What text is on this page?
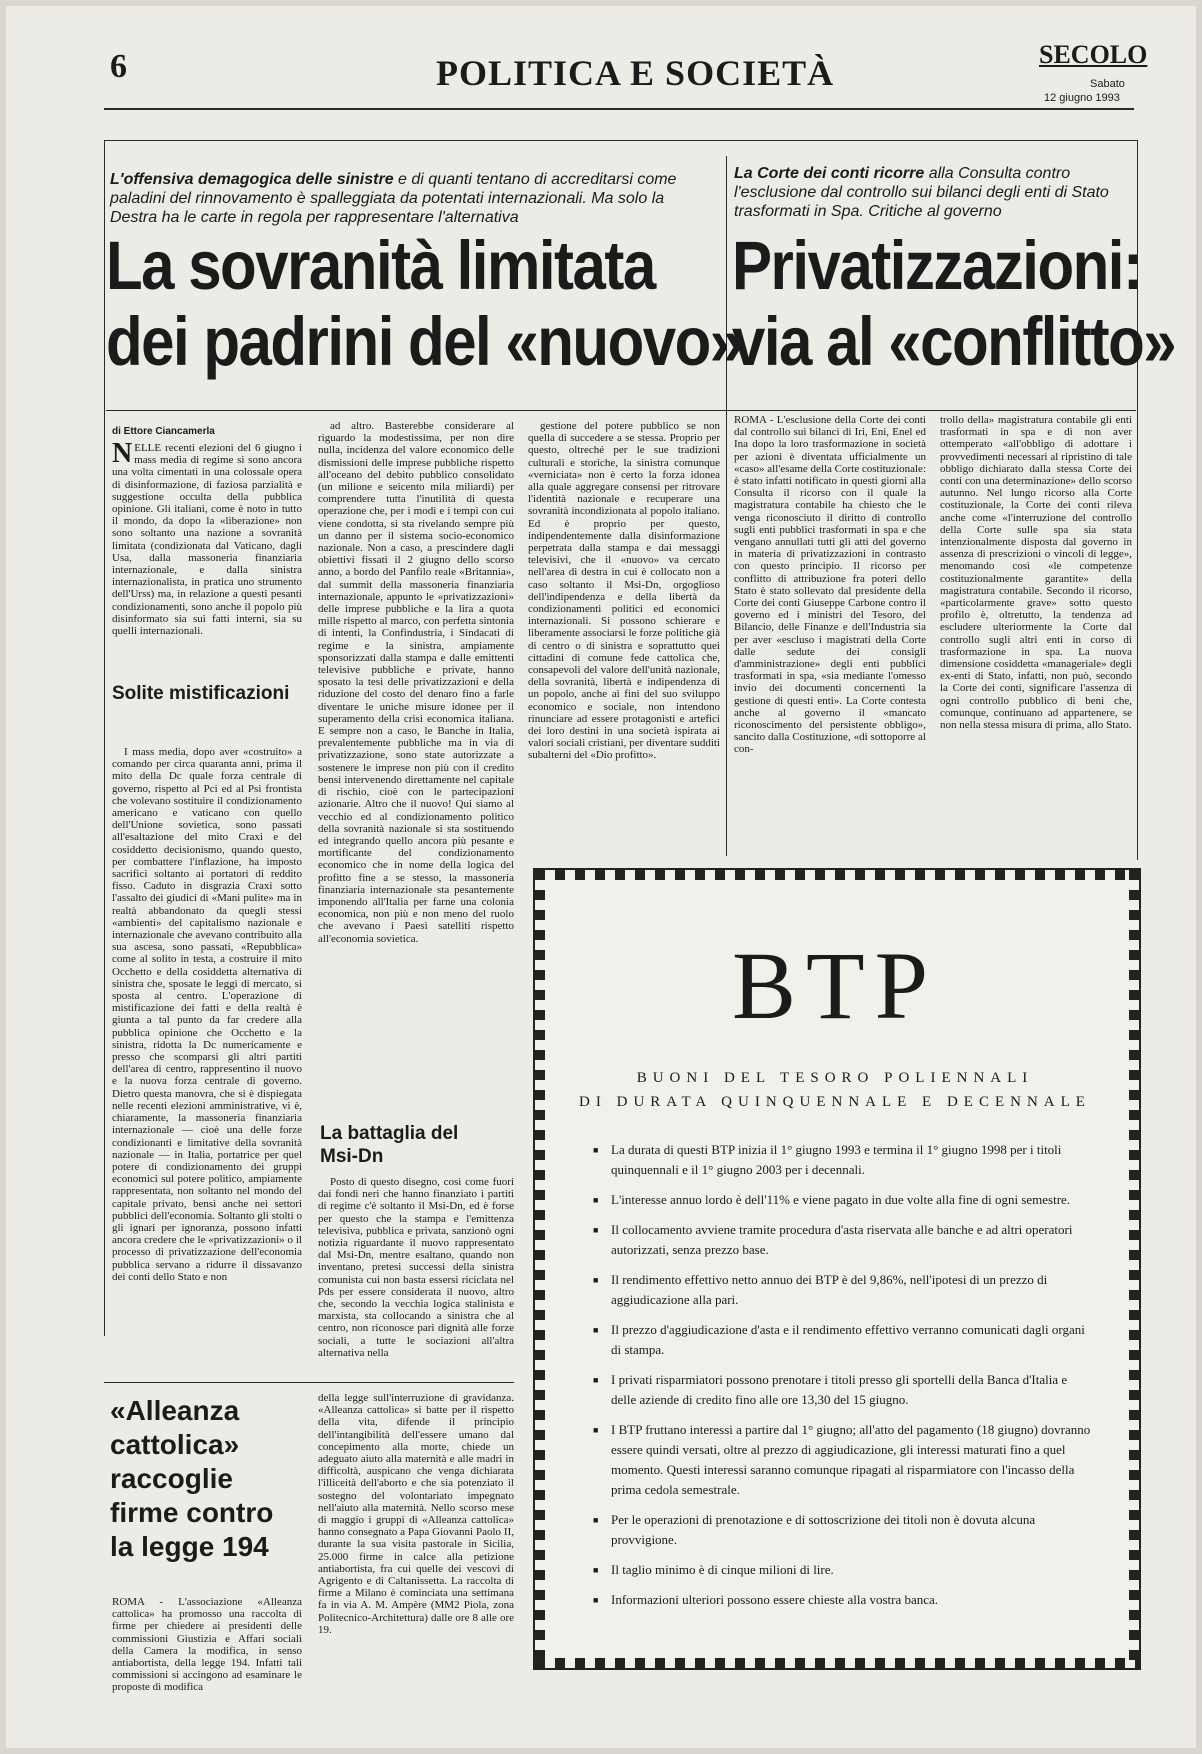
6	POLITICA E SOCIETÀ	SECOLO
Sabato
12 giugno 1993
L'offensiva demagogica delle sinistre e di quanti tentano di accreditarsi come paladini del rinnovamento è spalleggiata da potentati internazionali. Ma solo la Destra ha le carte in regola per rappresentare l'alternativa
La sovranità limitata
dei padrini del «nuovo»
La Corte dei conti ricorre alla Consulta contro l'esclusione dal controllo sui bilanci degli enti di Stato trasformati in Spa. Critiche al governo
Privatizzazioni:
via al «conflitto»
di Ettore Ciancamerla

NELLE recenti elezioni del 6 giugno i mass media di regime si sono ancora una volta cimentati in una colossale opera di disinformazione, di faziosa parzialità e suggestione occulta della pubblica opinione. Gli italiani, come è noto in tutto il mondo, da dopo la «liberazione» non sono soltanto una nazione a sovranità limitata (condizionata dal Vaticano, dagli Usa, dalla massoneria finanziaria internazionale, e dalla sinistra internazionalista, in pratica uno strumento dell'Urss) ma, in relazione a questi pesanti condizionamenti, sono anche il popolo più disinformato sia sui fatti interni, sia su quelli internazionali.

Solite mistificazioni

I mass media, dopo aver «costruito» a comando per circa quaranta anni, prima il mito della Dc quale forza centrale di governo, rispetto al Pci ed al Psi frontista che volevano sostituire il condizionamento americano e vaticano con quello dell'Unione sovietica, sono passati all'esaltazione del mito Craxi e del cosiddetto decisionismo, quando questo, per combattere l'inflazione, ha imposto sacrifici soltanto ai portatori di reddito fisso. Caduto in disgrazia Craxi sotto l'assalto dei giudici di «Mani pulite» ma in realtà abbandonato da quegli stessi «ambienti» del capitalismo nazionale e internazionale che avevano contribuito alla sua ascesa, sono passati, «Repubblica» come al solito in testa, a costruire il mito Occhetto e della cosiddetta alternativa di sinistra che, sposate le leggi di mercato, si sposta al centro. L'operazione di mistificazione dei fatti e della realtà è giunta a tal punto da far credere alla pubblica opinione che Occhetto e la sinistra, ridotta la Dc numericamente e presso che scomparsi gli altri partiti dell'area di centro, rappresentino il nuovo e la nuova forza centrale di governo. Dietro questa manovra, che si è dispiegata nelle recenti elezioni amministrative, vi è, chiaramente, la massoneria finanziaria internazionale — cioè una delle forze condizionanti e limitative della sovranità nazionale — in Italia, portatrice per quel potere di condizionamento dei gruppi economici sul potere politico, ampiamente rappresentata, non soltanto nel mondo del capitale privato, bensì anche nei settori pubblici dell'economia. Soltanto gli stolti o gli ignari per ignoranza, possono infatti ancora credere che le «privatizzazioni» o il processo di privatizzazione dell'economia pubblica servano a ridurre il dissavanzo dei conti dello Stato e non

ad altro. Basterebbe considerare al riguardo la modestissima, per non dire nulla, incidenza del valore economico delle dismissioni delle imprese pubbliche rispetto all'oceano del debito pubblico consolidato (un milione e seicento mila miliardi) per comprendere tutta l'inutilità di questa operazione che, per i modi e i tempi con cui viene condotta, si sta rivelando sempre più un danno per il sistema socio-economico nazionale. Non a caso, a prescindere dagli obiettivi fissati il 2 giugno dello scorso anno, a bordo del Panfilo reale «Britannia», dal summit della massoneria finanziaria internazionale, appunto le «privatizzazioni» delle imprese pubbliche e la lira a quota mille rispetto al marco, con perfetta sintonia di intenti, la Confindustria, i Sindacati di regime e la sinistra, ampiamente sponsorizzati dalla stampa e dalle emittenti televisive pubbliche e private, hanno sposato la tesi delle privatizzazioni e della riduzione del costo del denaro fino a farle diventare le uniche misure idonee per il superamento della crisi economica italiana. E sempre non a caso, le Banche in Italia, prevalentemente pubbliche ma in via di privatizzazione, sono state autorizzate a sostenere le imprese non più con il credito bensì intervenendo direttamente nel capitale di rischio, cioè con le partecipazioni azionarie. Altro che il nuovo! Qui siamo al vecchio ed al condizionamento politico della sovranità nazionale si sta sostituendo ed integrando quello ancora più pesante e mortificante del condizionamento economico che in nome della logica del profitto fine a se stesso, la massoneria finanziaria internazionale sta pesantemente imponendo all'Italia per farne una colonia economica, non più e non meno del ruolo che avevano i Paesi satelliti rispetto all'economia sovietica.

La battaglia del Msi-Dn

Posto di questo disegno, così come fuori dai fondi neri che hanno finanziato i partiti di regime c'è soltanto il Msi-Dn, ed è forse per questo che la stampa e l'emittenza televisiva, pubblica e privata, sanzionò ogni notizia riguardante il nuovo rappresentato dal Msi-Dn, mentre esaltano, quando non inventano, pretesi successi della sinistra comunista cui non basta essersi riciclata nel Pds per essere considerata il nuovo, altro che, secondo la vecchia logica stalinista e marxista, sta collocando a sinistra che al centro, non riconosce pari dignità alle forze sociali, a tutte le sociazioni all'altra alternativa nella

gestione del potere pubblico se non quella di succedere a se stessa. Proprio per questo, oltreché per le sue tradizioni culturali e storiche, la sinistra comunque «verniciata» non è certo la forza idonea alla quale aggregare consensi per ritrovare l'identità nazionale e recuperare una sovranità incondizionata al popolo italiano. Ed è proprio per questo, indipendentemente dalla disinformazione perpetrata dalla stampa e dai messaggi televisivi, che il «nuovo» va cercato nell'area di destra in cui è collocato non a caso soltanto il Msi-Dn, orgoglioso dell'indipendenza e della libertà da condizionamenti politici ed economici internazionali. Si possono schierare e liberamente associarsi le forze politiche già di centro o di sinistra e soprattutto quei cittadini di comune fede cattolica che, consapevoli del valore dell'unità nazionale, della sovranità, libertà e indipendenza di un popolo, anche ai fini del suo sviluppo economico e sociale, non intendono rinunciare ad essere protagonisti e artefici dei loro destini in una società ispirata ai valori sociali cristiani, per diventare sudditi subalterni del «Dio profitto».

ROMA - L'esclusione della Corte dei conti dal controllo sui bilanci di Iri, Eni, Enel ed Ina dopo la loro trasformazione in società per azioni è diventata ufficialmente un «caso» all'esame della Corte costituzionale: è stato infatti notificato in questi giorni alla Consulta il ricorso con il quale la magistratura contabile ha chiesto che le venga riconosciuto il diritto di controllo sugli enti pubblici trasformati in spa e che vengano annullati tutti gli atti del governo in materia di privatizzazioni in contrasto con questo principio. Il ricorso per conflitto di attribuzione fra poteri dello Stato è stato sollevato dal presidente della Corte dei conti Giuseppe Carbone contro il governo ed i ministri del Tesoro, del Bilancio, delle Finanze e dell'Industria sia per aver «escluso i magistrati della Corte dalle sedute dei consigli d'amministrazione» degli enti pubblici trasformati in spa, «sia mediante l'omesso invio dei documenti concernenti la gestione di questi enti». La Corte contesta anche al governo il «mancato riconoscimento del persistente obbligo», sancito dalla Costituzione, «di sottoporre al con-

trollo della» magistratura contabile gli enti trasformati in spa e di non aver ottemperato «all'obbligo di adottare i provvedimenti necessari al ripristino di tale obbligo dichiarato dalla stessa Corte dei conti con una determinazione» dello scorso autunno. Nel lungo ricorso alla Corte costituzionale, la Corte dei conti rileva anche come «l'interruzione del controllo della Corte sulle spa sia stata intenzionalmente disposta dal governo in assenza di prescrizioni o vincoli di legge», menomando così «le competenze costituzionalmente garantite» della magistratura contabile. Secondo il ricorso, «particolarmente grave» sotto questo profilo è, oltretutto, la tendenza ad escludere ulteriormente la Corte dal controllo sugli altri enti in corso di trasformazione in spa. La nuova dimensione cosiddetta «manageriale» degli ex-enti di Stato, infatti, non può, secondo la Corte dei conti, significare l'assenza di ogni controllo pubblico di beni che, comunque, continuano ad appartenere, se non nella stessa misura di prima, allo Stato.

«Alleanza cattolica» raccoglie firme contro la legge 194

ROMA - L'associazione «Alleanza cattolica» ha promosso una raccolta di firme per chiedere ai presidenti delle commissioni Giustizia e Affari sociali della Camera la modifica, in senso antiabortista, della legge 194. Infatti tali commissioni si accingono ad esaminare le proposte di modifica

della legge sull'interruzione di gravidanza. «Alleanza cattolica» si batte per il rispetto della vita, difende il principio dell'intangibilità dell'essere umano dal concepimento alla morte, chiede un adeguato aiuto alla maternità e alle madri in difficoltà, auspicano che venga dichiarata l'illiceità dell'aborto e che sia potenziato il sostegno del volontariato impegnato nell'aiuto alla maternità. Nello scorso mese di maggio i gruppi di «Alleanza cattolica» hanno consegnato a Papa Giovanni Paolo II, durante la sua visita pastorale in Sicilia, 25.000 firme in calce alla petizione antiabortista, fra cui quelle dei vescovi di Agrigento e di Caltanissetta. La raccolta di firme a Milano è cominciata una settimana fa in via A. M. Ampère (MM2 Piola, zona Politecnico-Architettura) dalle ore 8 alle ore 19.

BTP
BUONI DEL TESORO POLIENNALI
DI DURATA QUINQUENNALE E DECENNALE
■ La durata di questi BTP inizia il 1° giugno 1993 e termina il 1° giugno 1998 per i titoli quinquennali e il 1° giugno 2003 per i decennali.
■ L'interesse annuo lordo è dell'11% e viene pagato in due volte alla fine di ogni semestre.
■ Il collocamento avviene tramite procedura d'asta riservata alle banche e ad altri operatori autorizzati, senza prezzo base.
■ Il rendimento effettivo netto annuo dei BTP è del 9,86%, nell'ipotesi di un prezzo di aggiudicazione alla pari.
■ Il prezzo d'aggiudicazione d'asta e il rendimento effettivo verranno comunicati dagli organi di stampa.
■ I privati risparmiatori possono prenotare i titoli presso gli sportelli della Banca d'Italia e delle aziende di credito fino alle ore 13,30 del 15 giugno.
■ I BTP fruttano interessi a partire dal 1° giugno; all'atto del pagamento (18 giugno) dovranno essere quindi versati, oltre al prezzo di aggiudicazione, gli interessi maturati fino a quel momento. Questi interessi saranno comunque ripagati al risparmiatore con l'incasso della prima cedola semestrale.
■ Per le operazioni di prenotazione e di sottoscrizione dei titoli non è dovuta alcuna provvigione.
■ Il taglio minimo è di cinque milioni di lire.
■ Informazioni ulteriori possono essere chieste alla vostra banca.
